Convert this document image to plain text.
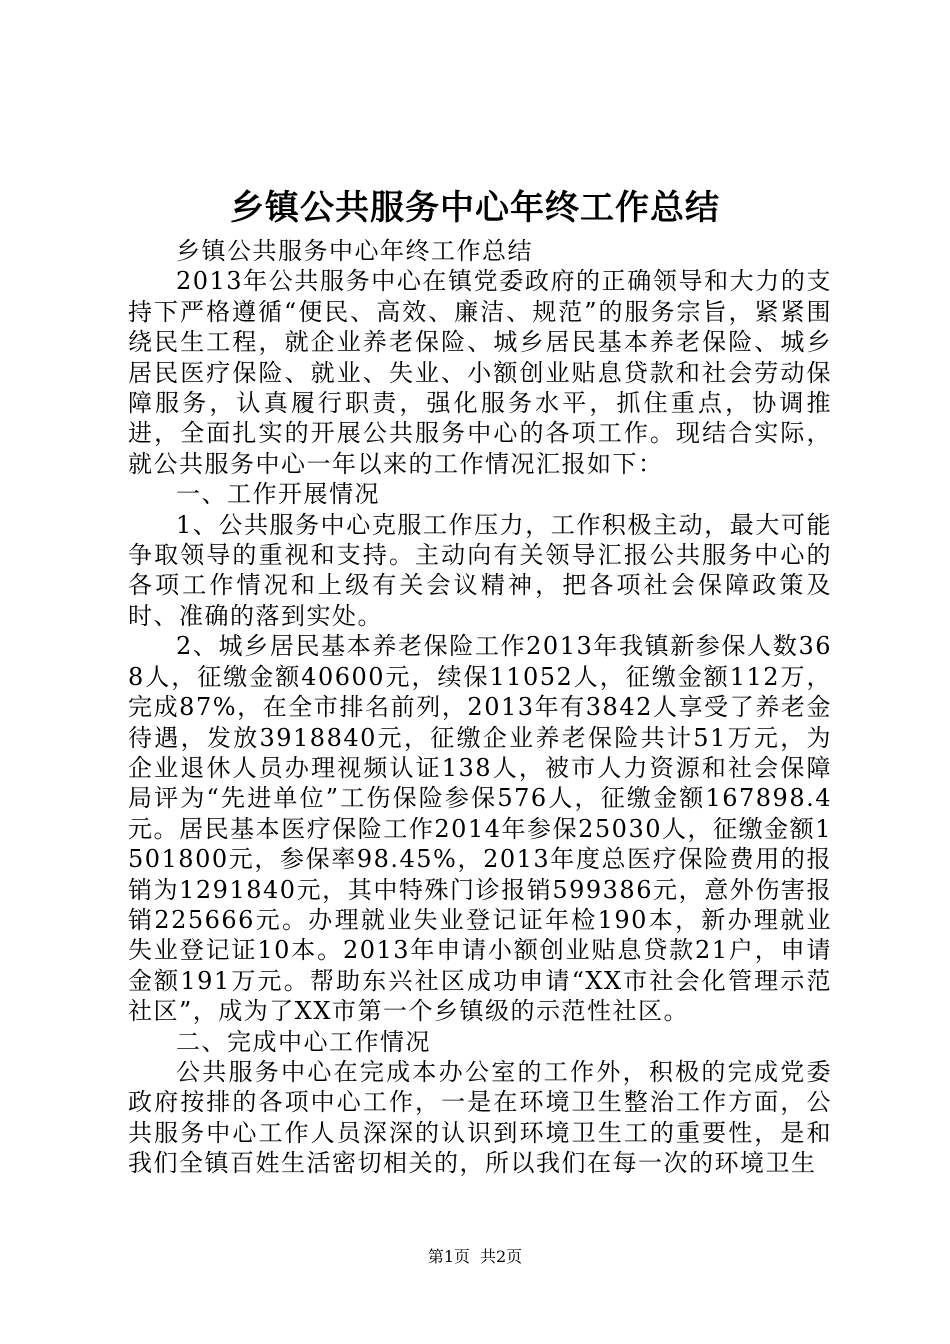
乡镇公共服务中心年终工作总结

乡镇公共服务中心年终工作总结

2013年公共服务中心在镇党委政府的正确领导和大力的支持下严格遵循“便民、高效、廉洁、规范”的服务宗旨，紧紧围绕民生工程，就企业养老保险、城乡居民基本养老保险、城乡居民医疗保险、就业、失业、小额创业贴息贷款和社会劳动保障服务，认真履行职责，强化服务水平，抓住重点，协调推进，全面扎实的开展公共服务中心的各项工作。现结合实际，就公共服务中心一年以来的工作情况汇报如下：

一、工作开展情况

1、公共服务中心克服工作压力，工作积极主动，最大可能争取领导的重视和支持。主动向有关领导汇报公共服务中心的各项工作情况和上级有关会议精神，把各项社会保障政策及时、准确的落到实处。

2、城乡居民基本养老保险工作2013年我镇新参保人数368人，征缴金额40600元，续保11052人，征缴金额112万，完成87%，在全市排名前列，2013年有3842人享受了养老金待遇，发放3918840元，征缴企业养老保险共计51万元，为企业退休人员办理视频认证138人，被市人力资源和社会保障局评为“先进单位”工伤保险参保576人，征缴金额167898.4元。居民基本医疗保险工作2014年参保25030人，征缴金额1501800元，参保率98.45%，2013年度总医疗保险费用的报销为1291840元，其中特殊门诊报销599386元，意外伤害报销225666元。办理就业失业登记证年检190本，新办理就业失业登记证10本。2013年申请小额创业贴息贷款21户，申请金额191万元。帮助东兴社区成功申请“XX市社会化管理示范社区”，成为了XX市第一个乡镇级的示范性社区。

二、完成中心工作情况

公共服务中心在完成本办公室的工作外，积极的完成党委政府按排的各项中心工作，一是在环境卫生整治工作方面，公共服务中心工作人员深深的认识到环境卫生工的重要性，是和我们全镇百姓生活密切相关的，所以我们在每一次的环境卫生

第1页 共2页
